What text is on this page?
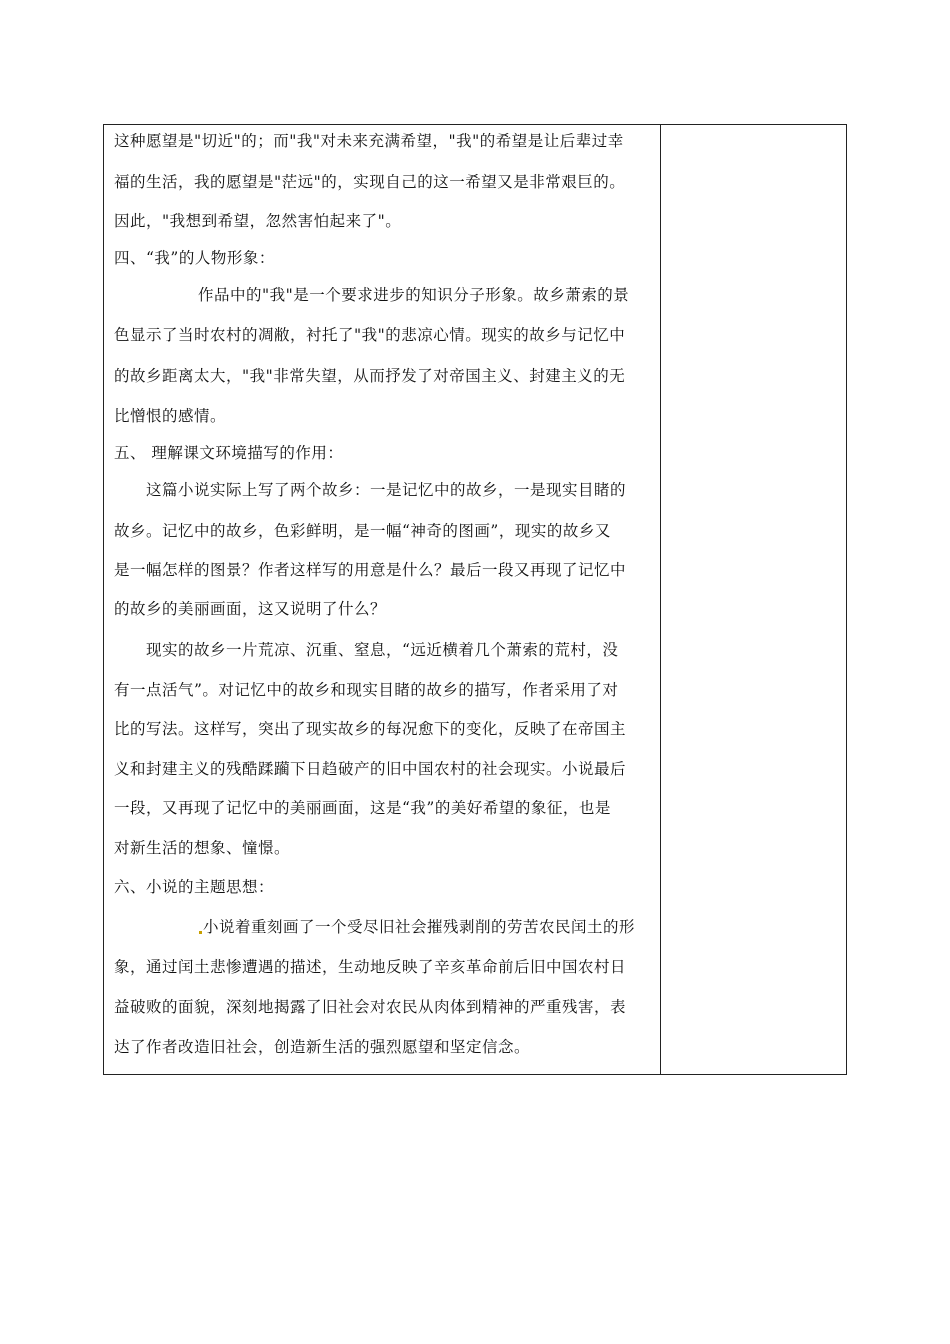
这种愿望是"切近"的；而"我"对未来充满希望，"我"的希望是让后辈过幸
福的生活，我的愿望是"茫远"的，实现自己的这一希望又是非常艰巨的。
因此，"我想到希望，忽然害怕起来了"。
四、“我”的人物形象：
作品中的"我"是一个要求进步的知识分子形象。故乡萧索的景
色显示了当时农村的凋敝，衬托了"我"的悲凉心情。现实的故乡与记忆中
的故乡距离太大，"我"非常失望，从而抒发了对帝国主义、封建主义的无
比憎恨的感情。
五、 理解课文环境描写的作用：
这篇小说实际上写了两个故乡：一是记忆中的故乡，一是现实目睹的
故乡。记忆中的故乡，色彩鲜明，是一幅“神奇的图画”，现实的故乡又
是一幅怎样的图景？作者这样写的用意是什么？最后一段又再现了记忆中
的故乡的美丽画面，这又说明了什么？
现实的故乡一片荒凉、沉重、窒息，“远近横着几个萧索的荒村，没
有一点活气”。对记忆中的故乡和现实目睹的故乡的描写，作者采用了对
比的写法。这样写，突出了现实故乡的每况愈下的变化，反映了在帝国主
义和封建主义的残酷蹂躏下日趋破产的旧中国农村的社会现实。小说最后
一段，又再现了记忆中的美丽画面，这是“我”的美好希望的象征，也是
对新生活的想象、憧憬。
六、小说的主题思想：
小说着重刻画了一个受尽旧社会摧残剥削的劳苦农民闰土的形
象，通过闰土悲惨遭遇的描述，生动地反映了辛亥革命前后旧中国农村日
益破败的面貌，深刻地揭露了旧社会对农民从肉体到精神的严重残害，表
达了作者改造旧社会，创造新生活的强烈愿望和坚定信念。
